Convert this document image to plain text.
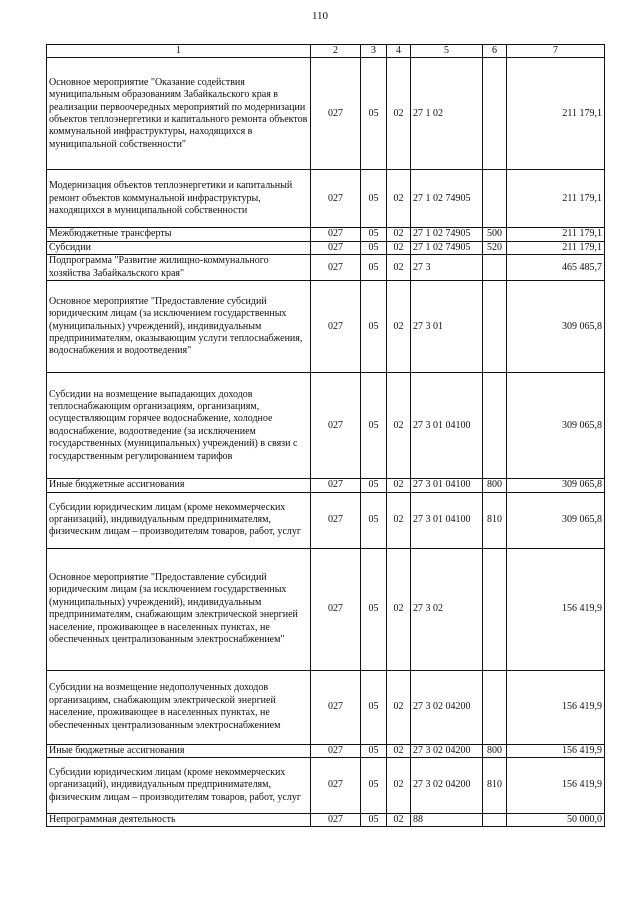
110
1	2	3	4	5	6	7
Основное мероприятие "Оказание содействия муниципальным образованиям Забайкальского края в реализации первоочередных мероприятий по модернизации объектов теплоэнергетики и капитального ремонта объектов коммунальной инфраструктуры, находящихся в муниципальной собственности"	027	05	02	27 1 02		211 179,1
Модернизация объектов теплоэнергетики и капитальный ремонт объектов коммунальной инфраструктуры, находящихся в муниципальной собственности	027	05	02	27 1 02 74905		211 179,1
Межбюджетные трансферты	027	05	02	27 1 02 74905	500	211 179,1
Субсидии	027	05	02	27 1 02 74905	520	211 179,1
Подпрограмма "Развитие жилищно-коммунального хозяйства Забайкальского края"	027	05	02	27 3		465 485,7
Основное мероприятие "Предоставление субсидий юридическим лицам (за исключением государственных (муниципальных) учреждений), индивидуальным предпринимателям, оказывающим услуги теплоснабжения, водоснабжения и водоотведения"	027	05	02	27 3 01		309 065,8
Субсидии на возмещение выпадающих доходов теплоснабжающим организациям, организациям, осуществляющим горячее водоснабжение, холодное водоснабжение, водоотведение (за исключением государственных (муниципальных) учреждений) в связи с государственным регулированием тарифов	027	05	02	27 3 01 04100		309 065,8
Иные бюджетные ассигнования	027	05	02	27 3 01 04100	800	309 065,8
Субсидии юридическим лицам (кроме некоммерческих организаций), индивидуальным предпринимателям, физическим лицам – производителям товаров, работ, услуг	027	05	02	27 3 01 04100	810	309 065,8
Основное мероприятие "Предоставление субсидий юридическим лицам (за исключением государственных (муниципальных) учреждений), индивидуальным предпринимателям, снабжающим электрической энергией население, проживающее в населенных пунктах, не обеспеченных централизованным электроснабжением"	027	05	02	27 3 02		156 419,9
Субсидии на возмещение недополученных доходов организациям, снабжающим электрической энергией население, проживающее в населенных пунктах, не обеспеченных централизованным электроснабжением	027	05	02	27 3 02 04200		156 419,9
Иные бюджетные ассигнования	027	05	02	27 3 02 04200	800	156 419,9
Субсидии юридическим лицам (кроме некоммерческих организаций), индивидуальным предпринимателям, физическим лицам – производителям товаров, работ, услуг	027	05	02	27 3 02 04200	810	156 419,9
Непрограммная деятельность	027	05	02	88		50 000,0
